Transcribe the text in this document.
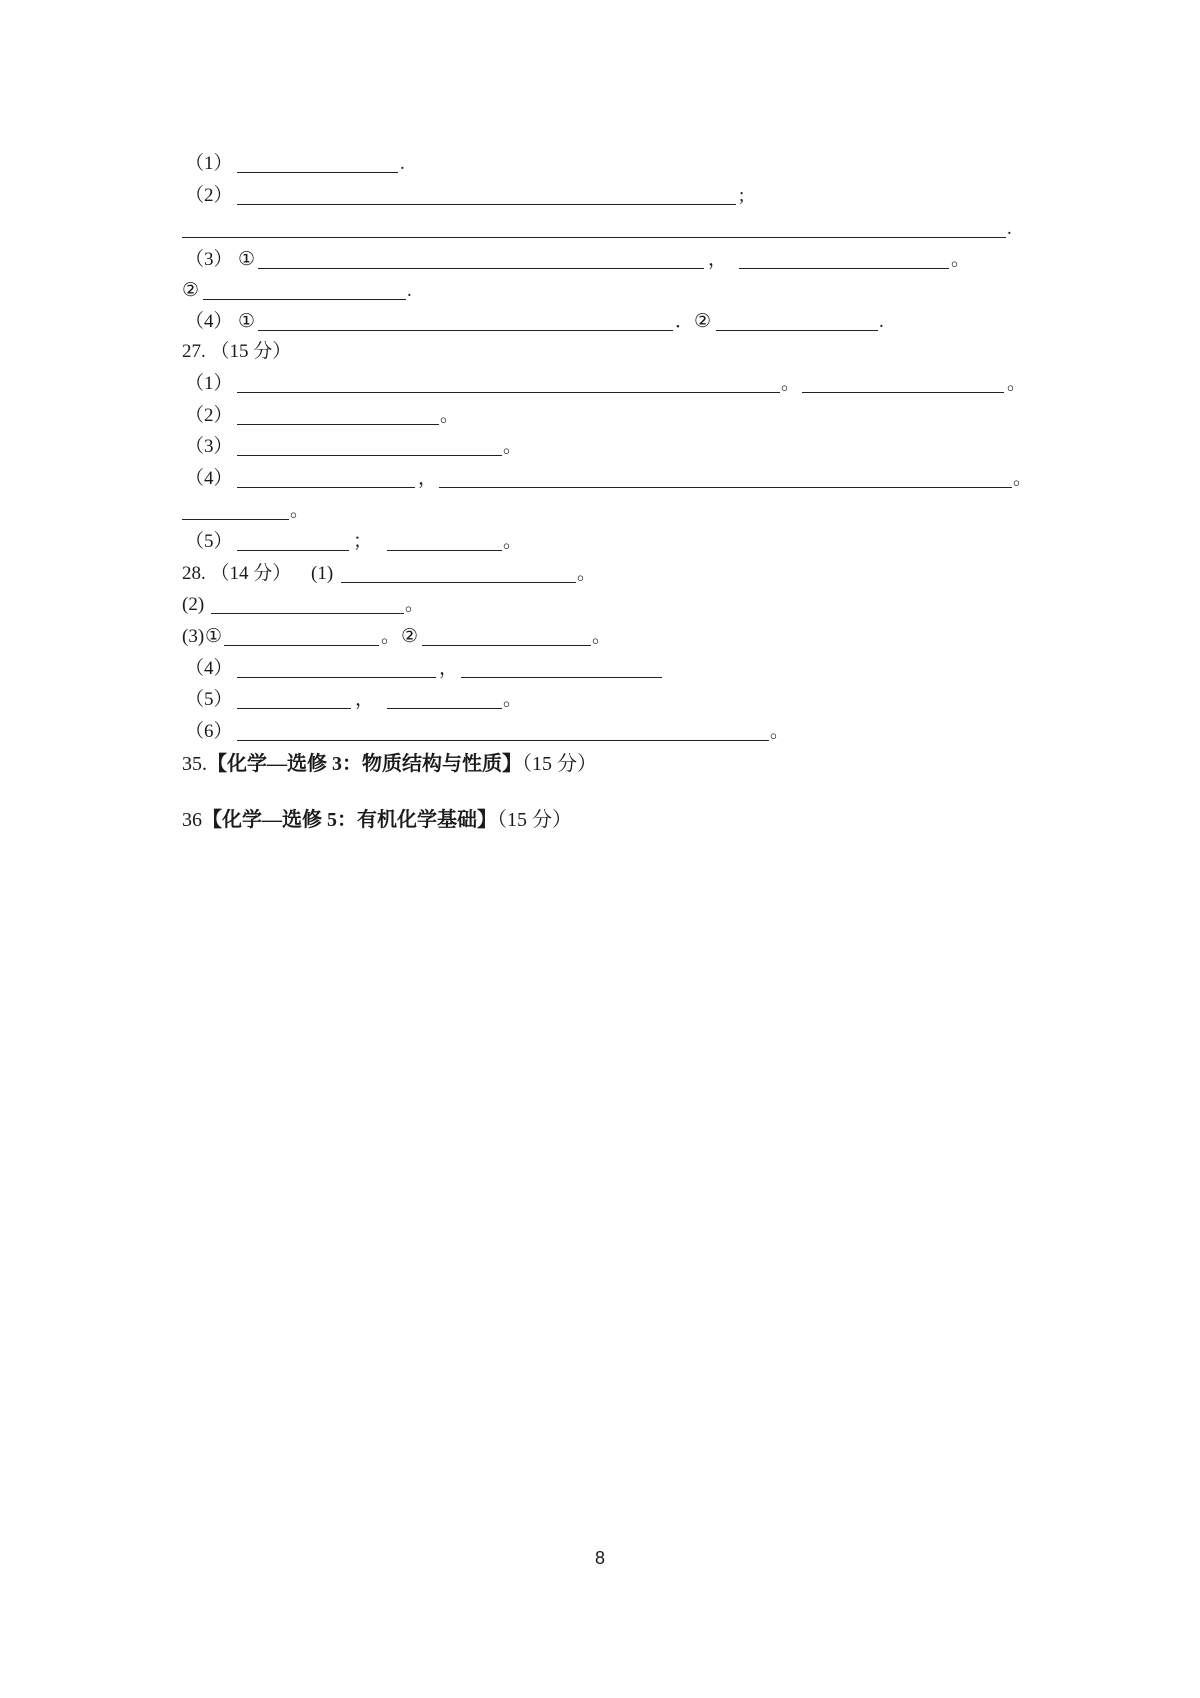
（1）	.
（2）	;
.
（3） ①	，	。
②	.
（4） ①	． ②	.
27. （15 分）
（1）	。	。
（2）	。
（3）	。
（4）	，	。
。
（5）	；	。
28. （14 分） (1)	。
(2)	。
(3) ①	。 ②	。
（4）	，
（5）	，	。
（6）	。
35.【化学—选修 3：物质结构与性质】（15 分）
36【化学—选修 5：有机化学基础】（15 分）
8
